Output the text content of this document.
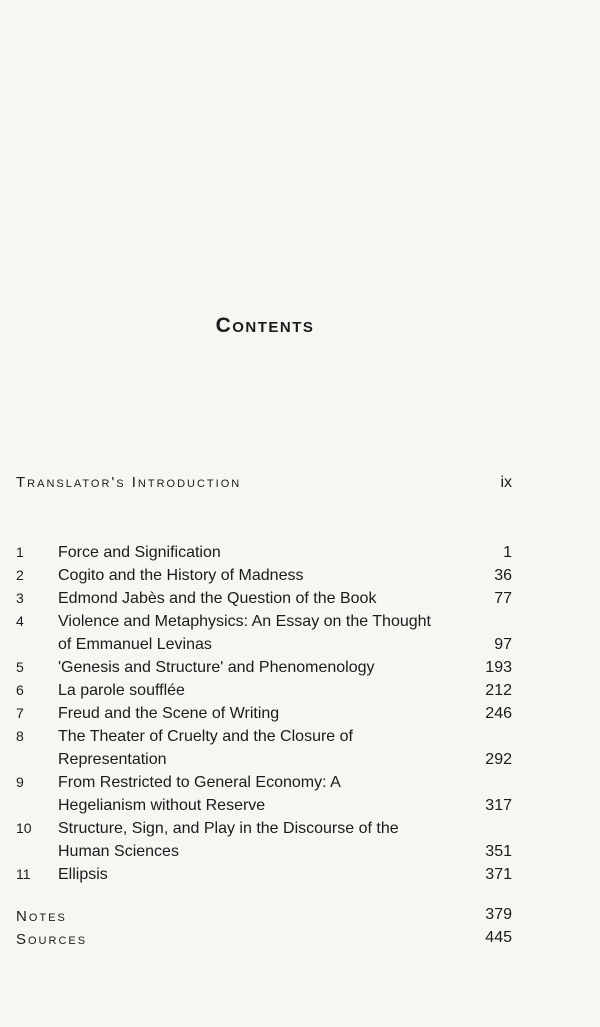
Contents
Translator's Introduction	ix
1	Force and Signification	1
2	Cogito and the History of Madness	36
3	Edmond Jabès and the Question of the Book	77
4	Violence and Metaphysics: An Essay on the Thought
of Emmanuel Levinas	97
5	'Genesis and Structure' and Phenomenology	193
6	La parole soufflée	212
7	Freud and the Scene of Writing	246
8	The Theater of Cruelty and the Closure of
Representation	292
9	From Restricted to General Economy: A
Hegelianism without Reserve	317
10	Structure, Sign, and Play in the Discourse of the
Human Sciences	351
11	Ellipsis	371
Notes	379
Sources	445
